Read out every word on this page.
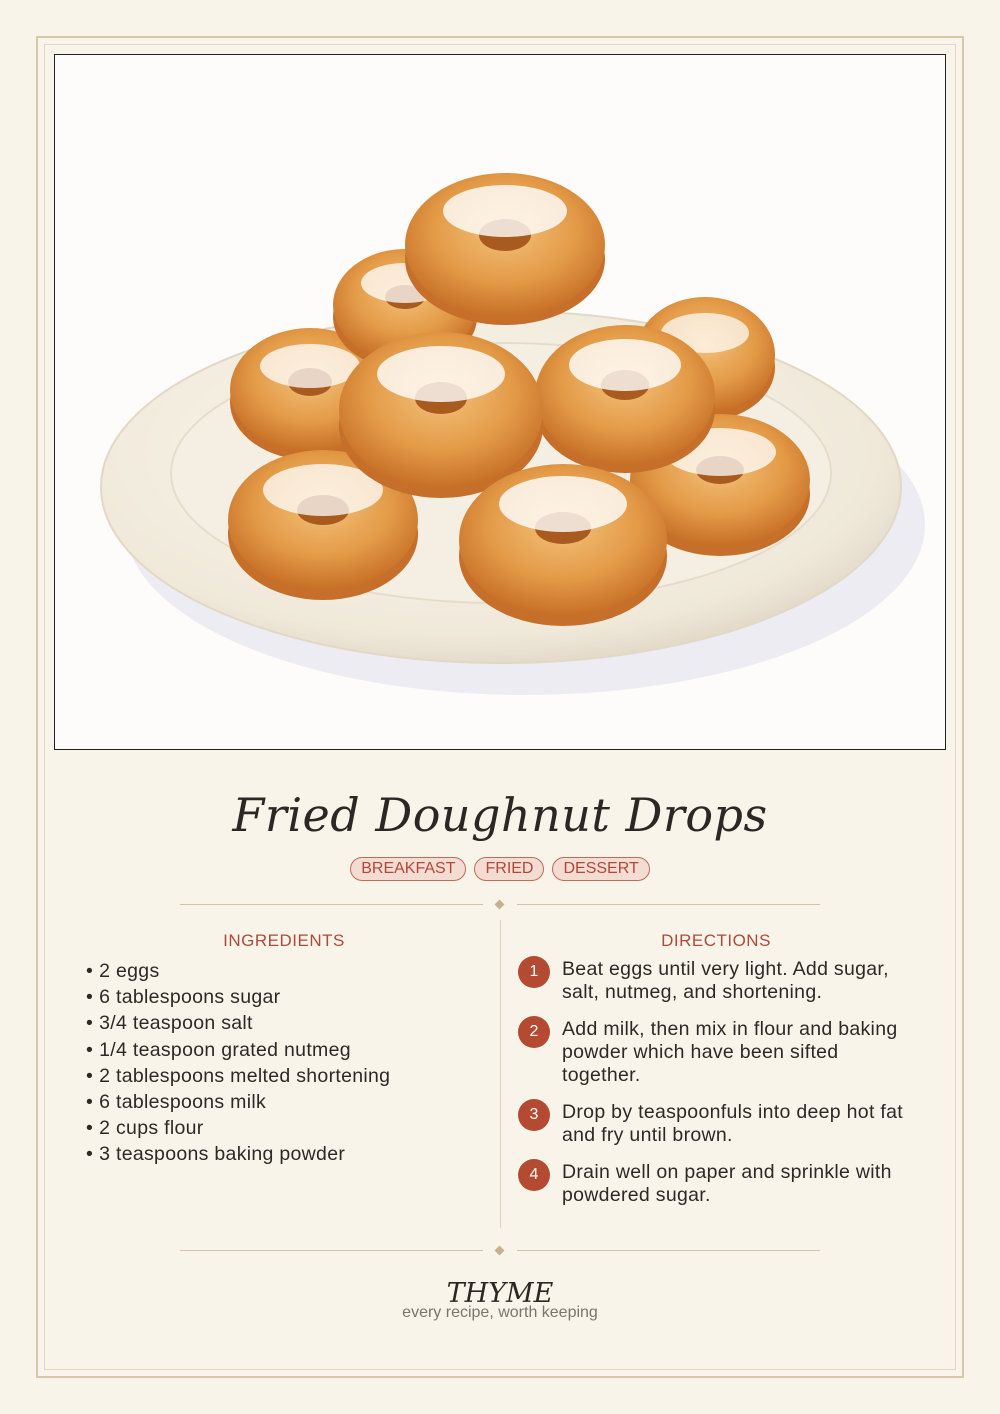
Fried Doughnut Drops
BREAKFAST	FRIED	DESSERT
INGREDIENTS
• 2 eggs
• 6 tablespoons sugar
• 3/4 teaspoon salt
• 1/4 teaspoon grated nutmeg
• 2 tablespoons melted shortening
• 6 tablespoons milk
• 2 cups flour
• 3 teaspoons baking powder
DIRECTIONS
1	Beat eggs until very light. Add sugar, salt, nutmeg, and shortening.
2	Add milk, then mix in flour and baking powder which have been sifted together.
3	Drop by teaspoonfuls into deep hot fat and fry until brown.
4	Drain well on paper and sprinkle with powdered sugar.
THYME
every recipe, worth keeping
